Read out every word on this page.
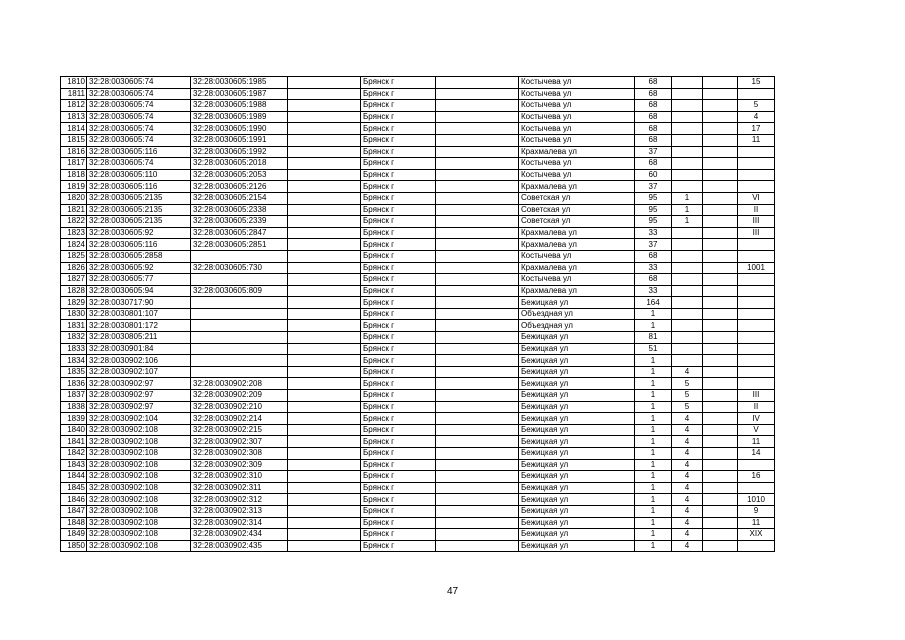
1810	32:28:0030605:74	32:28:0030605:1985		Брянск г		Костычева ул	68			15
1811	32:28:0030605:74	32:28:0030605:1987		Брянск г		Костычева ул	68			
1812	32:28:0030605:74	32:28:0030605:1988		Брянск г		Костычева ул	68			5
1813	32:28:0030605:74	32:28:0030605:1989		Брянск г		Костычева ул	68			4
1814	32:28:0030605:74	32:28:0030605:1990		Брянск г		Костычева ул	68			17
1815	32:28:0030605:74	32:28:0030605:1991		Брянск г		Костычева ул	68			11
1816	32:28:0030605:116	32:28:0030605:1992		Брянск г		Крахмалева ул	37			
1817	32:28:0030605:74	32:28:0030605:2018		Брянск г		Костычева ул	68			
1818	32:28:0030605:110	32:28:0030605:2053		Брянск г		Костычева ул	60			
1819	32:28:0030605:116	32:28:0030605:2126		Брянск г		Крахмалева ул	37			
1820	32:28:0030605:2135	32:28:0030605:2154		Брянск г		Советская ул	95	1		VI
1821	32:28:0030605:2135	32:28:0030605:2338		Брянск г		Советская ул	95	1		II
1822	32:28:0030605:2135	32:28:0030605:2339		Брянск г		Советская ул	95	1		III
1823	32:28:0030605:92	32:28:0030605:2847		Брянск г		Крахмалева ул	33			III
1824	32:28:0030605:116	32:28:0030605:2851		Брянск г		Крахмалева ул	37			
1825	32:28:0030605:2858			Брянск г		Костычева ул	68			
1826	32:28:0030605:92	32:28:0030605:730		Брянск г		Крахмалева ул	33			1001
1827	32:28:0030605:77			Брянск г		Костычева ул	68			
1828	32:28:0030605:94	32:28:0030605:809		Брянск г		Крахмалева ул	33			
1829	32:28:0030717:90			Брянск г		Бежицкая ул	164			
1830	32:28:0030801:107			Брянск г		Объездная ул	1			
1831	32:28:0030801:172			Брянск г		Объездная ул	1			
1832	32:28:0030805:211			Брянск г		Бежицкая ул	81			
1833	32:28:0030901:84			Брянск г		Бежицкая ул	51			
1834	32:28:0030902:106			Брянск г		Бежицкая ул	1			
1835	32:28:0030902:107			Брянск г		Бежицкая ул	1	4		
1836	32:28:0030902:97	32:28:0030902:208		Брянск г		Бежицкая ул	1	5		
1837	32:28:0030902:97	32:28:0030902:209		Брянск г		Бежицкая ул	1	5		III
1838	32:28:0030902:97	32:28:0030902:210		Брянск г		Бежицкая ул	1	5		II
1839	32:28:0030902:104	32:28:0030902:214		Брянск г		Бежицкая ул	1	4		IV
1840	32:28:0030902:108	32:28:0030902:215		Брянск г		Бежицкая ул	1	4		V
1841	32:28:0030902:108	32:28:0030902:307		Брянск г		Бежицкая ул	1	4		11
1842	32:28:0030902:108	32:28:0030902:308		Брянск г		Бежицкая ул	1	4		14
1843	32:28:0030902:108	32:28:0030902:309		Брянск г		Бежицкая ул	1	4		
1844	32:28:0030902:108	32:28:0030902:310		Брянск г		Бежицкая ул	1	4		16
1845	32:28:0030902:108	32:28:0030902:311		Брянск г		Бежицкая ул	1	4		
1846	32:28:0030902:108	32:28:0030902:312		Брянск г		Бежицкая ул	1	4		1010
1847	32:28:0030902:108	32:28:0030902:313		Брянск г		Бежицкая ул	1	4		9
1848	32:28:0030902:108	32:28:0030902:314		Брянск г		Бежицкая ул	1	4		11
1849	32:28:0030902:108	32:28:0030902:434		Брянск г		Бежицкая ул	1	4		XIX
1850	32:28:0030902:108	32:28:0030902:435		Брянск г		Бежицкая ул	1	4		
47
